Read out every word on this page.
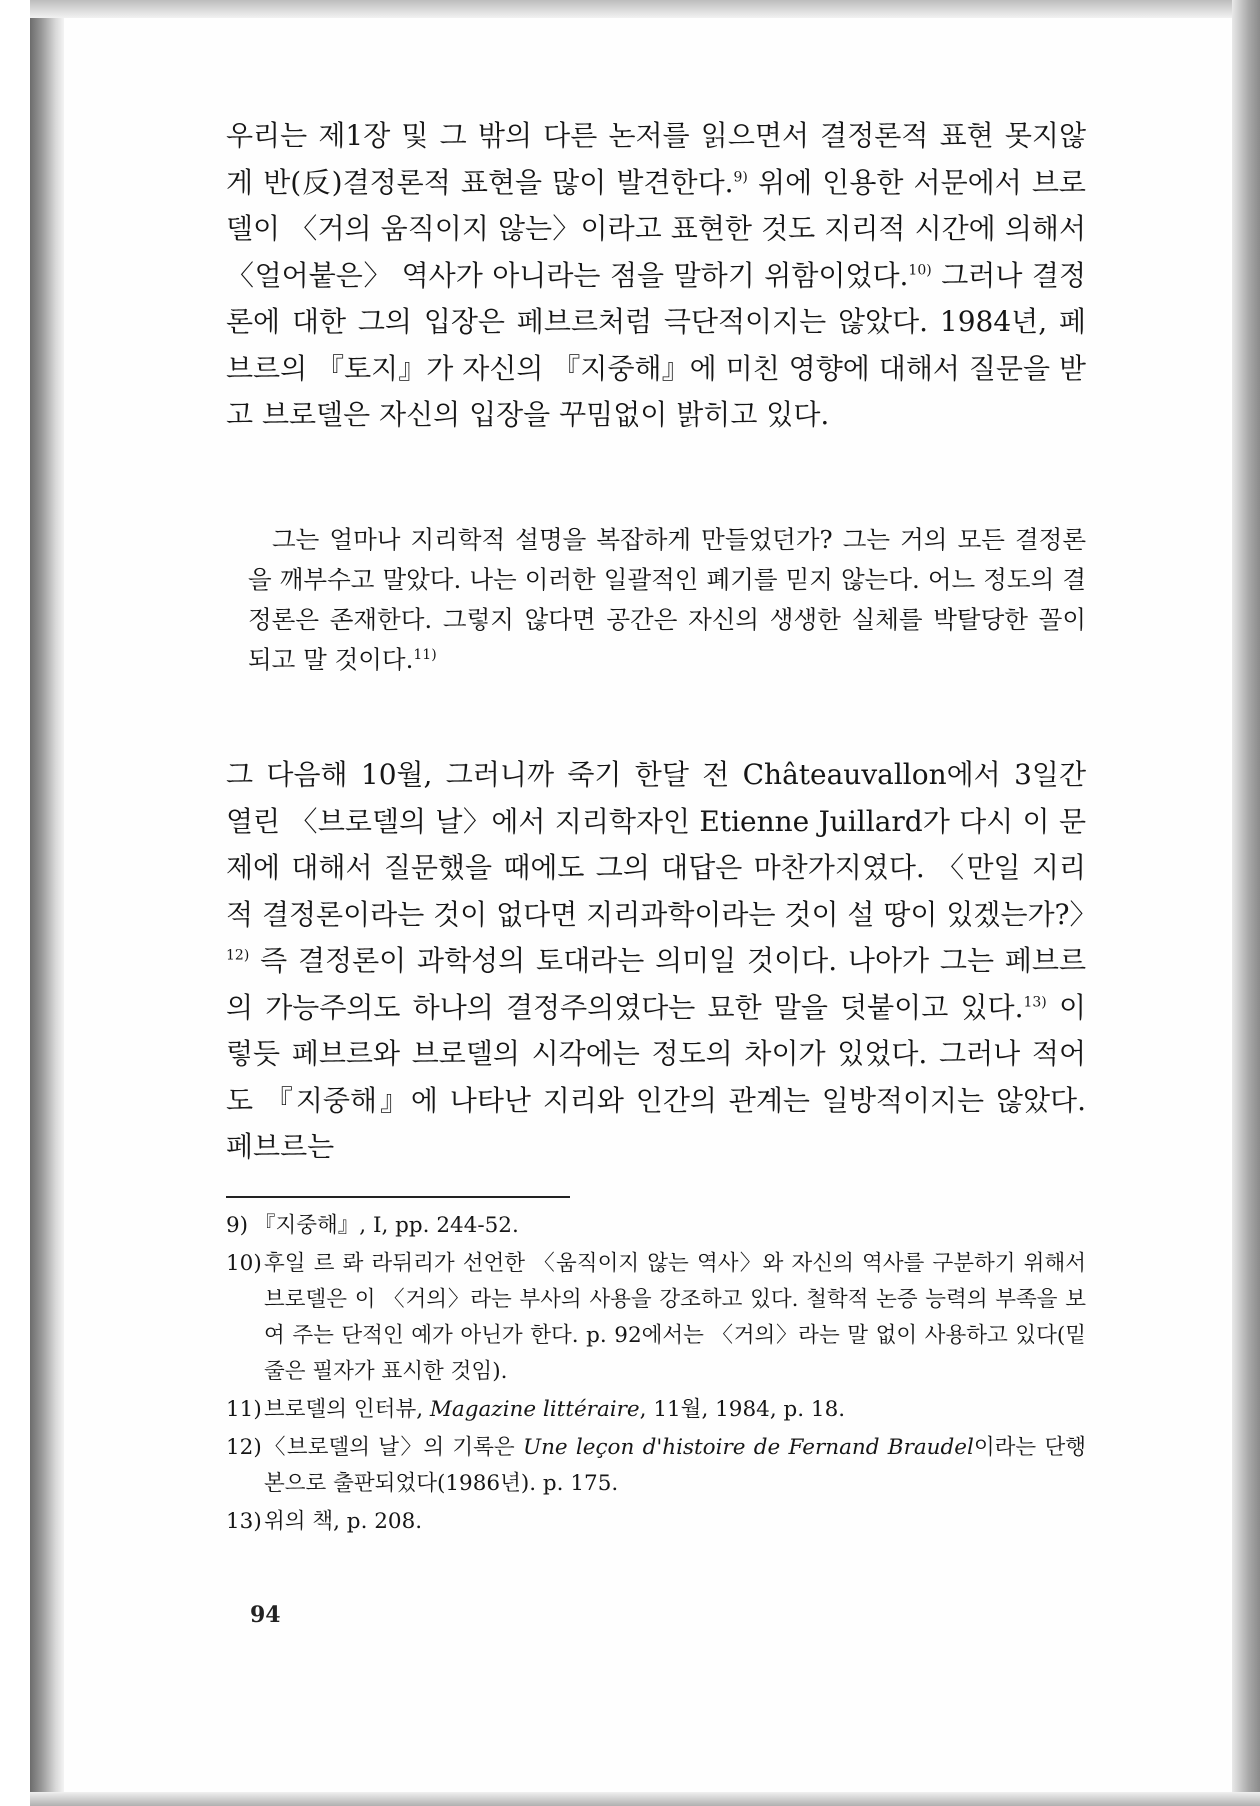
우리는 제1장 및 그 밖의 다른 논저를 읽으면서 결정론적 표현 못지않게 반(反)결정론적 표현을 많이 발견한다.$^{9)}$ 위에 인용한 서문에서 브로델이 〈거의 움직이지 않는〉이라고 표현한 것도 지리적 시간에 의해서 〈얼어붙은〉 역사가 아니라는 점을 말하기 위함이었다.$^{10)}$ 그러나 결정론에 대한 그의 입장은 페브르처럼 극단적이지는 않았다. 1984년, 페브르의 『토지』가 자신의 『지중해』에 미친 영향에 대해서 질문을 받고 브로델은 자신의 입장을 꾸밈없이 밝히고 있다.

그는 얼마나 지리학적 설명을 복잡하게 만들었던가? 그는 거의 모든 결정론을 깨부수고 말았다. 나는 이러한 일괄적인 폐기를 믿지 않는다. 어느 정도의 결정론은 존재한다. 그렇지 않다면 공간은 자신의 생생한 실체를 박탈당한 꼴이 되고 말 것이다.$^{11)}$

그 다음해 10월, 그러니까 죽기 한달 전 Châteauvallon에서 3일간 열린 〈브로델의 날〉에서 지리학자인 Etienne Juillard가 다시 이 문제에 대해서 질문했을 때에도 그의 대답은 마찬가지였다. 〈만일 지리적 결정론이라는 것이 없다면 지리과학이라는 것이 설 땅이 있겠는가?〉$^{12)}$ 즉 결정론이 과학성의 토대라는 의미일 것이다. 나아가 그는 페브르의 가능주의도 하나의 결정주의였다는 묘한 말을 덧붙이고 있다.$^{13)}$ 이렇듯 페브르와 브로델의 시각에는 정도의 차이가 있었다. 그러나 적어도 『지중해』에 나타난 지리와 인간의 관계는 일방적이지는 않았다. 페브르는

9) 『지중해』, Ⅰ, pp. 244-52.
10) 후일 르 롸 라뒤리가 선언한 〈움직이지 않는 역사〉와 자신의 역사를 구분하기 위해서 브로델은 이 〈거의〉라는 부사의 사용을 강조하고 있다. 철학적 논증 능력의 부족을 보여 주는 단적인 예가 아닌가 한다. p. 92에서는 〈거의〉라는 말 없이 사용하고 있다(밑줄은 필자가 표시한 것임).
11) 브로델의 인터뷰, Magazine littéraire, 11월, 1984, p. 18.
12) 〈브로델의 날〉의 기록은 Une leçon d'histoire de Fernand Braudel이라는 단행본으로 출판되었다(1986년). p. 175.
13) 위의 책, p. 208.
94
